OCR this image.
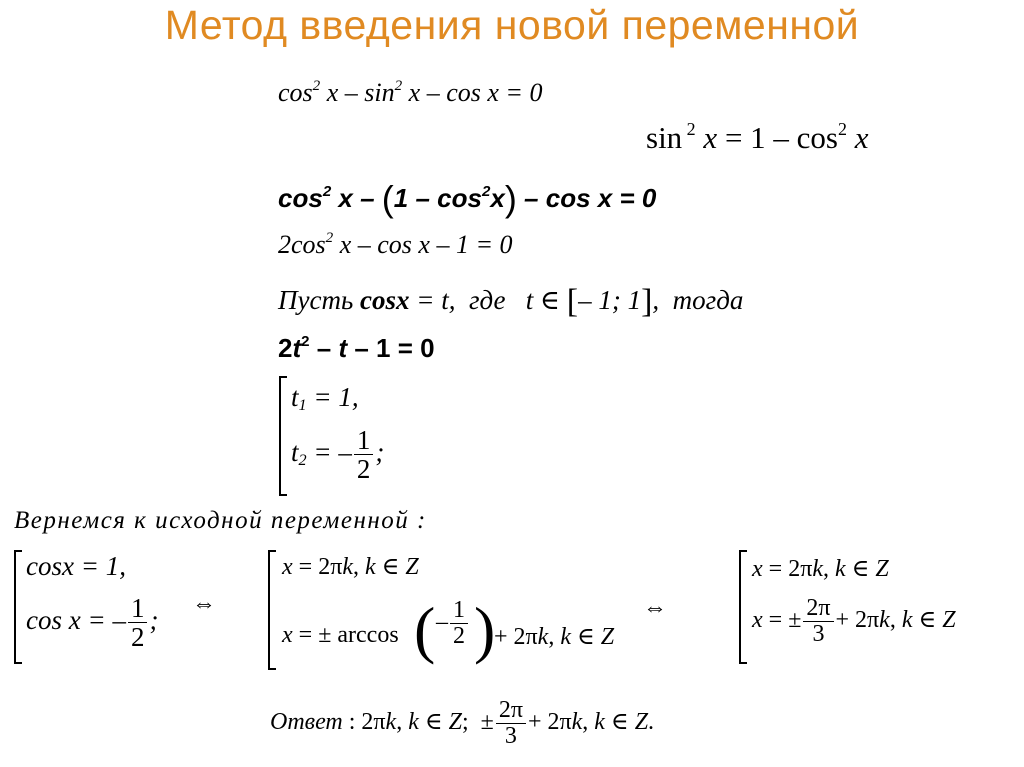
Метод введения новой переменной
$\cos^2 x - \sin^2 x - \cos x = 0$
sin $^2$ $x = 1 - \cos^2 x$
$\cos^2 x - (1 - \cos^2x) - \cos x = 0$
$2\cos^2$ x – cos x – 1 = 0
Пусть cosx = t,  где   t ∈ [– 1; 1],  тогда
$2t^2 - t - 1 = 0$
$t_1 = 1$,
$t_2$ = – $\frac{1}{2}$ ;
Вернемся к исходной переменной :
cosx = 1,
cos x = – $\frac{1}{2}$ ;
⇔
x = 2πk, k ∈ Z
x = ± arccos ( – $\frac{1}{2}$ )
+ 2πk, k ∈ Z
⇔
x = 2πk, k ∈ Z
x = ± $\frac{2\pi}{3} + 2\pi k$, k ∈ Z
Ответ : 2πk, k ∈ Z;  ± $\frac{2\pi}{3} + 2\pi k$, k ∈ Z.
